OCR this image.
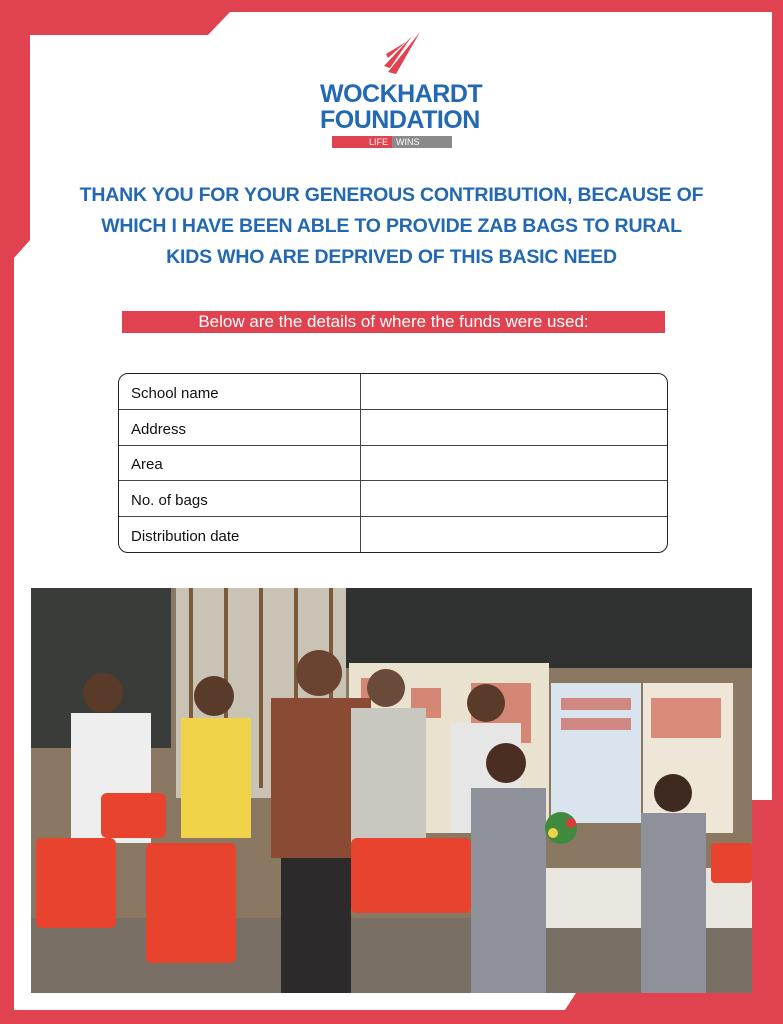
WOCKHARDT
FOUNDATION
LIFE WINS
THANK YOU FOR YOUR GENEROUS CONTRIBUTION, BECAUSE OF
WHICH I HAVE BEEN ABLE TO PROVIDE ZAB BAGS TO RURAL
KIDS WHO ARE DEPRIVED OF THIS BASIC NEED
Below are the details of where the funds were used:
School name	
Address	
Area	
No. of bags	
Distribution date	
